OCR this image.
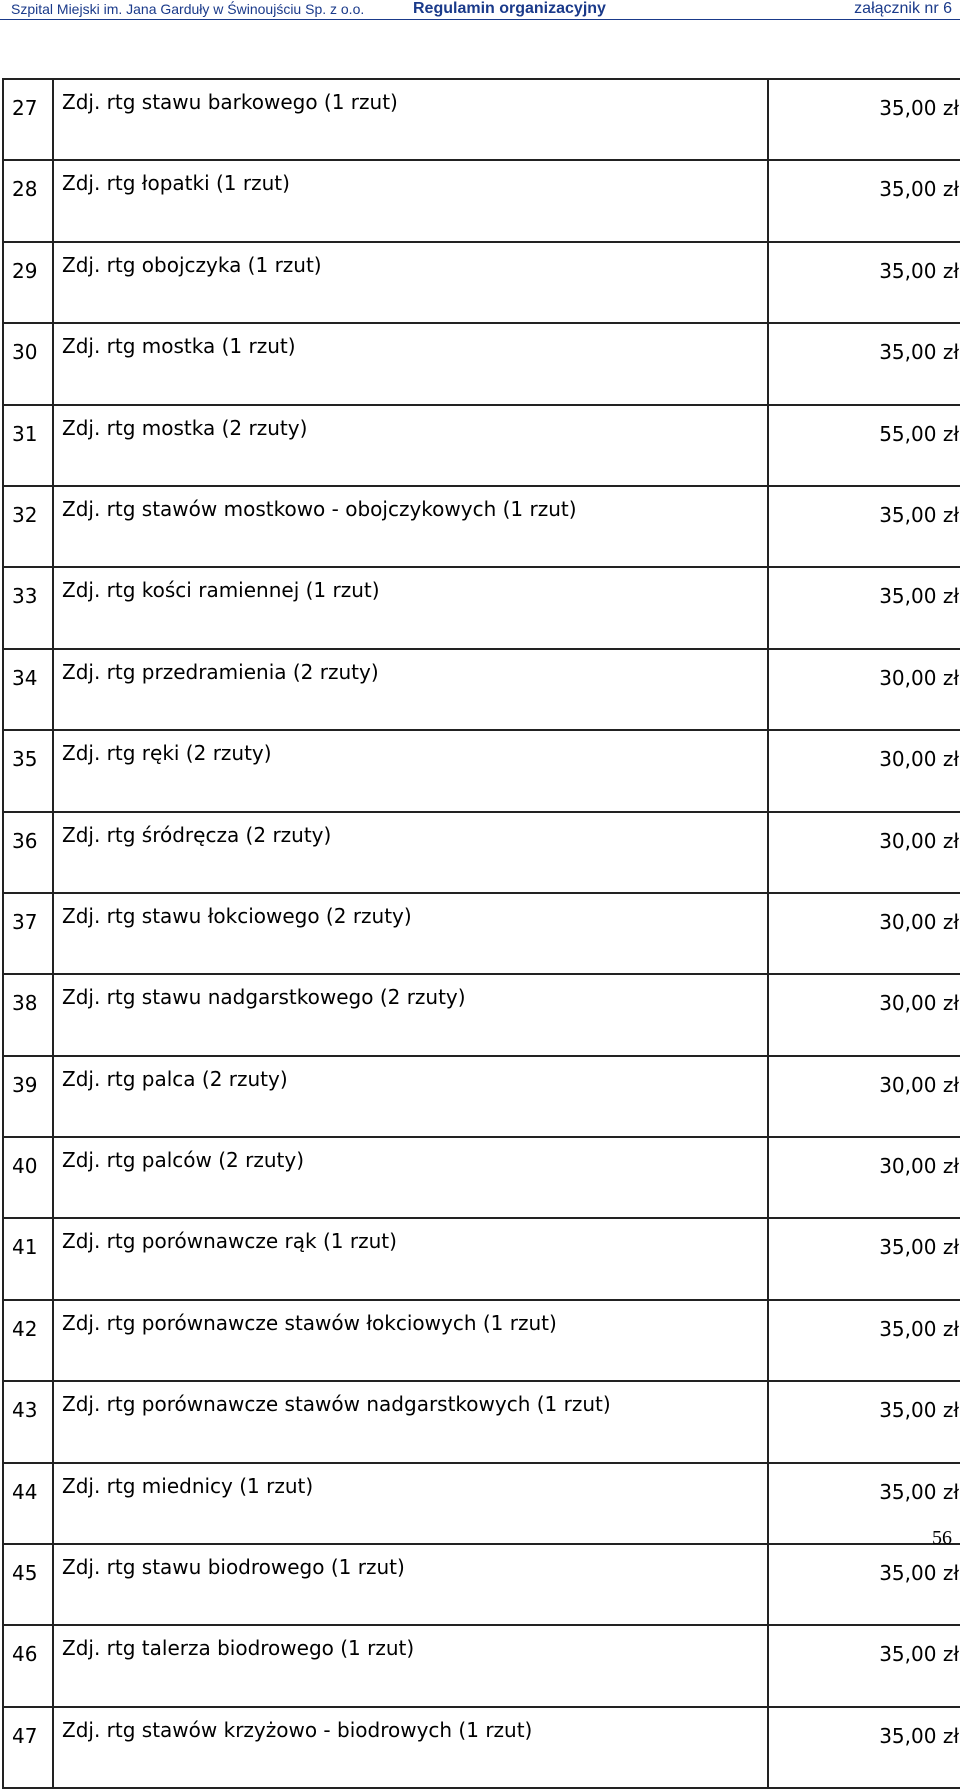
Szpital Miejski im. Jana Garduły w Świnoujściu Sp. z o.o.	Regulamin organizacyjny	załącznik nr 6
27	Zdj. rtg stawu barkowego (1 rzut)	35,00 zł
28	Zdj. rtg łopatki (1 rzut)	35,00 zł
29	Zdj. rtg obojczyka (1 rzut)	35,00 zł
30	Zdj. rtg mostka (1 rzut)	35,00 zł
31	Zdj. rtg mostka (2 rzuty)	55,00 zł
32	Zdj. rtg stawów mostkowo - obojczykowych (1 rzut)	35,00 zł
33	Zdj. rtg kości ramiennej (1 rzut)	35,00 zł
34	Zdj. rtg przedramienia (2 rzuty)	30,00 zł
35	Zdj. rtg ręki (2 rzuty)	30,00 zł
36	Zdj. rtg śródręcza (2 rzuty)	30,00 zł
37	Zdj. rtg stawu łokciowego (2 rzuty)	30,00 zł
38	Zdj. rtg stawu nadgarstkowego (2 rzuty)	30,00 zł
39	Zdj. rtg palca (2 rzuty)	30,00 zł
40	Zdj. rtg palców (2 rzuty)	30,00 zł
41	Zdj. rtg porównawcze rąk (1 rzut)	35,00 zł
42	Zdj. rtg porównawcze stawów łokciowych (1 rzut)	35,00 zł
43	Zdj. rtg porównawcze stawów nadgarstkowych (1 rzut)	35,00 zł
44	Zdj. rtg miednicy (1 rzut)	35,00 zł
45	Zdj. rtg stawu biodrowego (1 rzut)	35,00 zł
46	Zdj. rtg talerza biodrowego (1 rzut)	35,00 zł
47	Zdj. rtg stawów krzyżowo - biodrowych (1 rzut)	35,00 zł
56
